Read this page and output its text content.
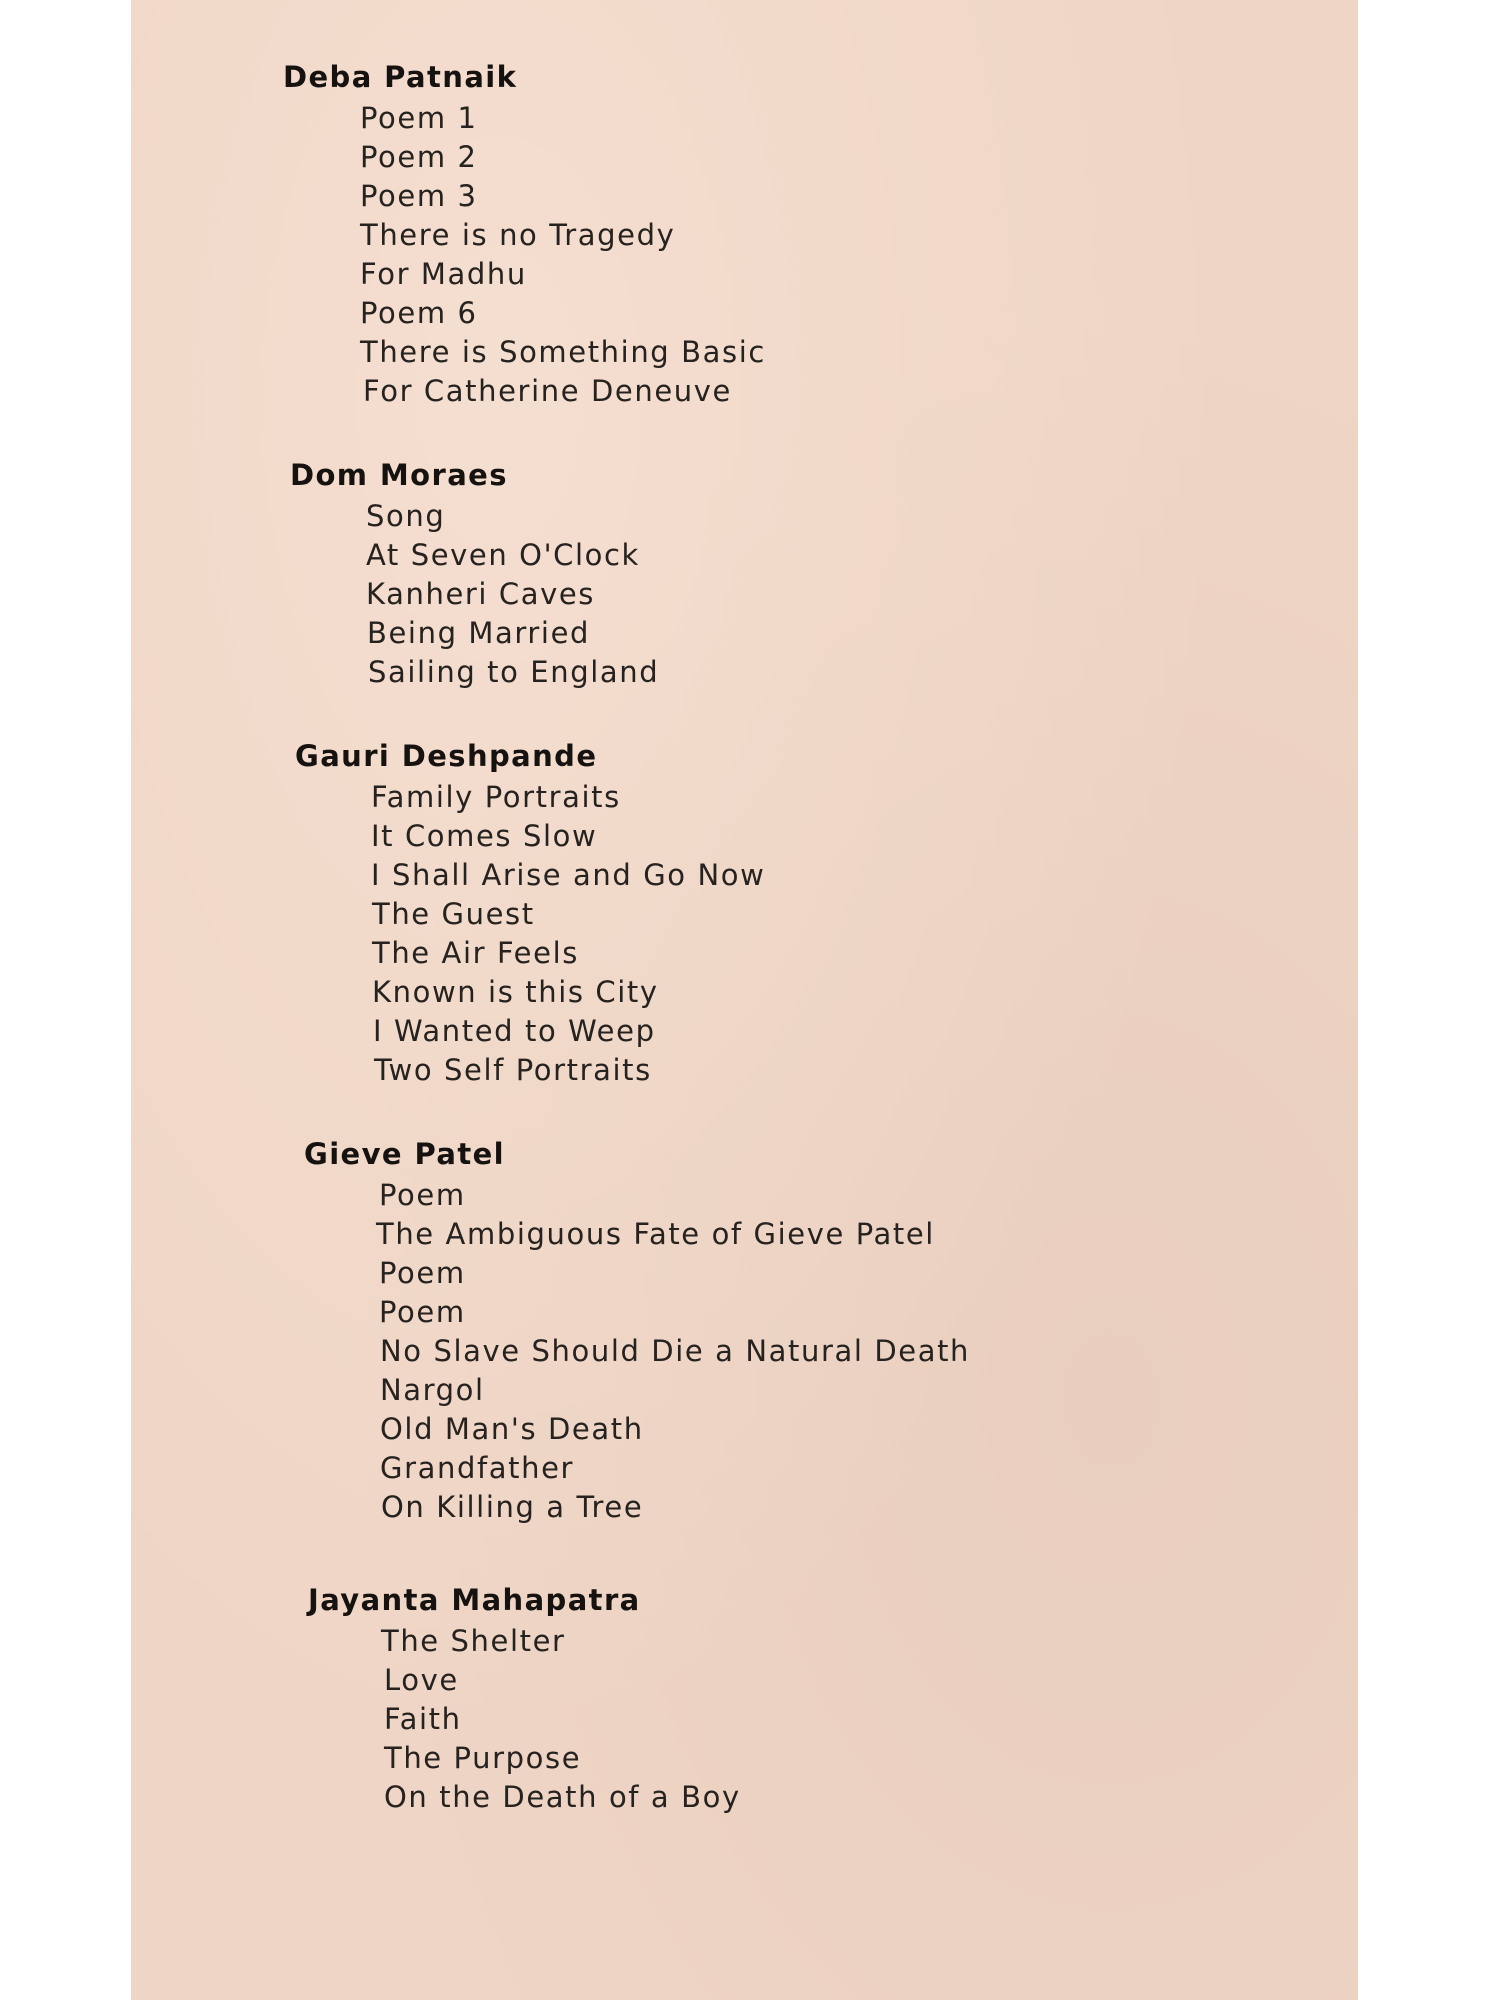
Deba Patnaik
Poem 1
Poem 2
Poem 3
There is no Tragedy
For Madhu
Poem 6
There is Something Basic
For Catherine Deneuve
Dom Moraes
Song
At Seven O'Clock
Kanheri Caves
Being Married
Sailing to England
Gauri Deshpande
Family Portraits
It Comes Slow
I Shall Arise and Go Now
The Guest
The Air Feels
Known is this City
I Wanted to Weep
Two Self Portraits
Gieve Patel
Poem
The Ambiguous Fate of Gieve Patel
Poem
Poem
No Slave Should Die a Natural Death
Nargol
Old Man's Death
Grandfather
On Killing a Tree
Jayanta Mahapatra
The Shelter
Love
Faith
The Purpose
On the Death of a Boy
